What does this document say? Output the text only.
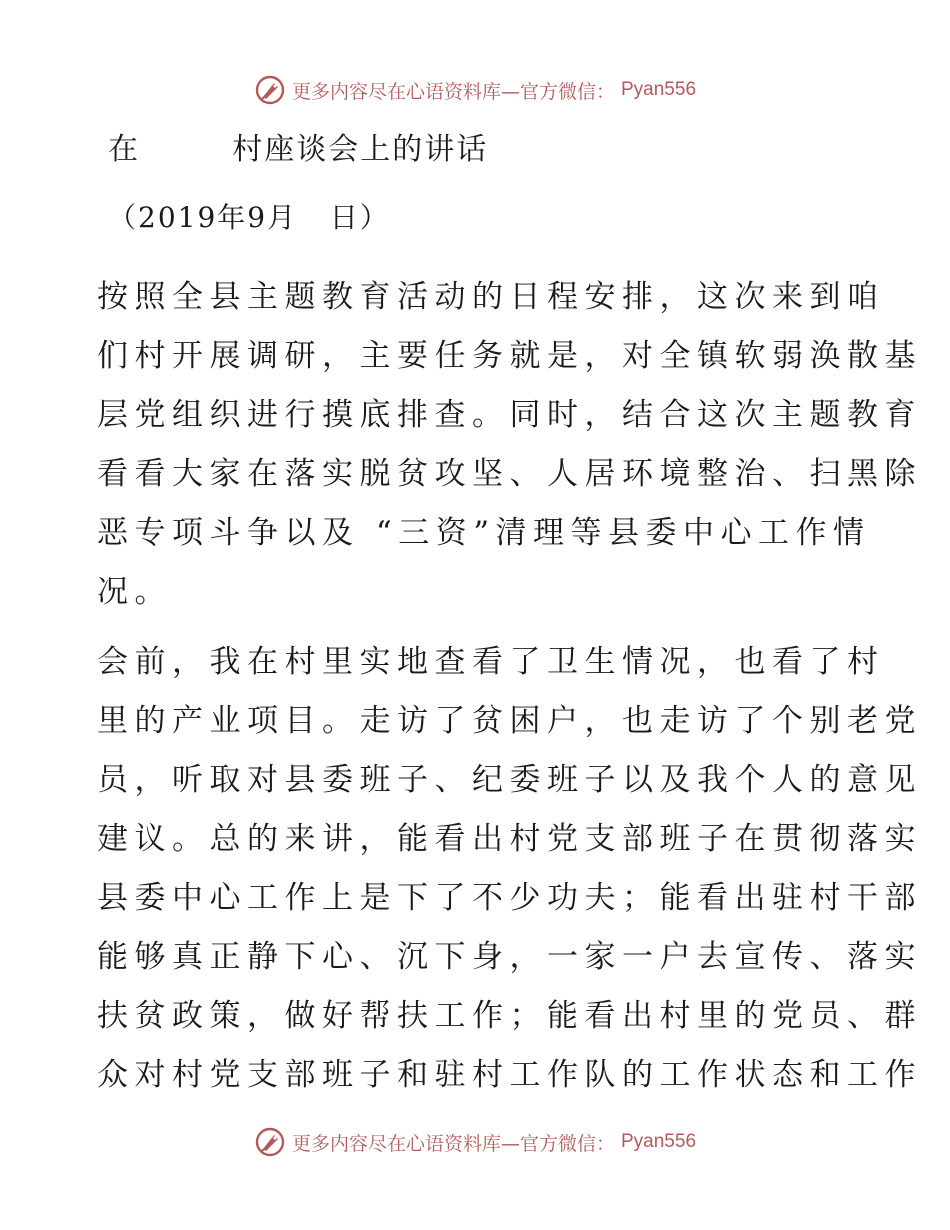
更多内容尽在心语资料库—官方微信： Pyan556
在        村座谈会上的讲话
（2019年9月   日）
按照全县主题教育活动的日程安排，这次来到咱
们村开展调研，主要任务就是，对全镇软弱涣散基
层党组织进行摸底排查。同时，结合这次主题教育
看看大家在落实脱贫攻坚、人居环境整治、扫黑除
恶专项斗争以及 “三资”清理等县委中心工作情
况。
会前，我在村里实地查看了卫生情况，也看了村
里的产业项目。走访了贫困户，也走访了个别老党
员，听取对县委班子、纪委班子以及我个人的意见
建议。总的来讲，能看出村党支部班子在贯彻落实
县委中心工作上是下了不少功夫；能看出驻村干部
能够真正静下心、沉下身，一家一户去宣传、落实
扶贫政策，做好帮扶工作；能看出村里的党员、群
众对村党支部班子和驻村工作队的工作状态和工作
更多内容尽在心语资料库—官方微信： Pyan556
